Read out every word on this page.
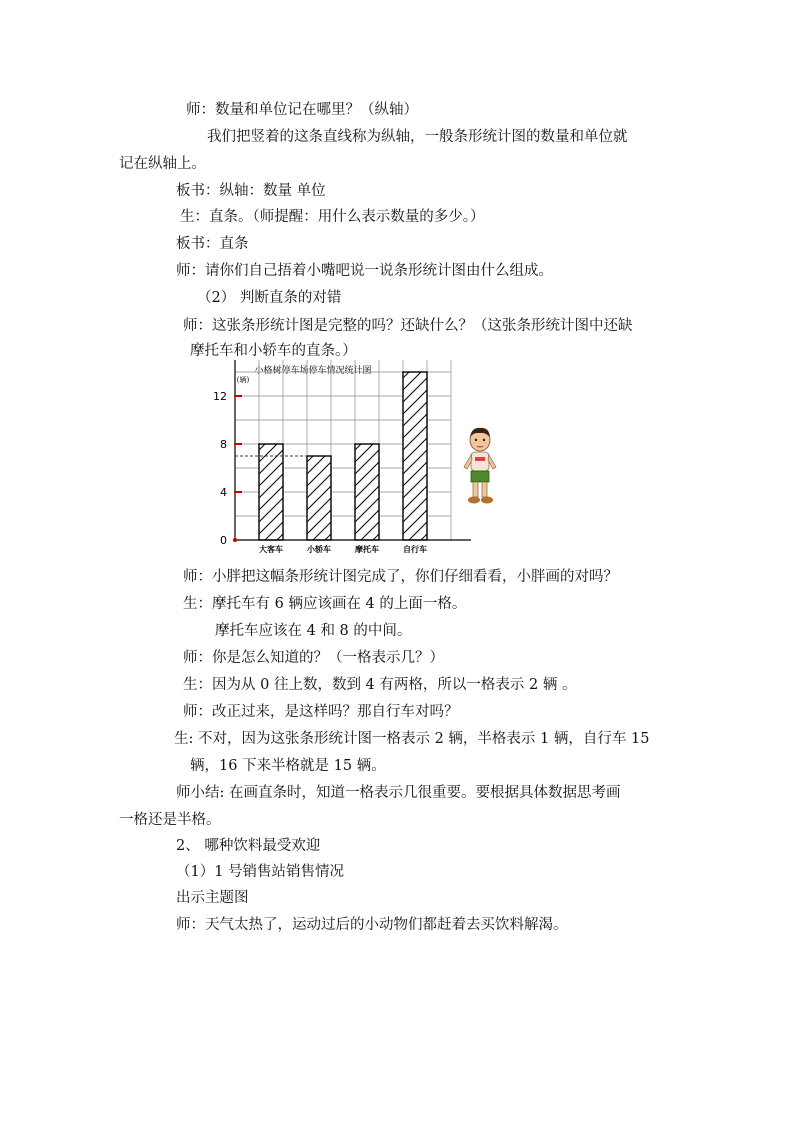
师：数量和单位记在哪里？（纵轴）
我们把竖着的这条直线称为纵轴，一般条形统计图的数量和单位就
记在纵轴上。
板书：纵轴：数量 单位
生：直条。（师提醒：用什么表示数量的多少。）
板书：直条
师：请你们自己捂着小嘴吧说一说条形统计图由什么组成。
（2） 判断直条的对错
师：这张条形统计图是完整的吗？还缺什么？（这张条形统计图中还缺
摩托车和小轿车的直条。）
小格树停车场停车情况统计图
(辆)
大客车	小轿车	摩托车	自行车
0
4
8
12
师：小胖把这幅条形统计图完成了，你们仔细看看，小胖画的对吗？
生：摩托车有 6 辆应该画在 4 的上面一格。
摩托车应该在 4 和 8 的中间。
师：你是怎么知道的？（一格表示几？）
生：因为从 0 往上数，数到 4 有两格，所以一格表示 2 辆 。
师：改正过来，是这样吗？那自行车对吗？
生: 不对，因为这张条形统计图一格表示 2 辆，半格表示 1 辆，自行车 15
辆，16 下来半格就是 15 辆。
师小结: 在画直条时，知道一格表示几很重要。要根据具体数据思考画
一格还是半格。
2、 哪种饮料最受欢迎
（1）1 号销售站销售情况
出示主题图
师：天气太热了，运动过后的小动物们都赶着去买饮料解渴。
